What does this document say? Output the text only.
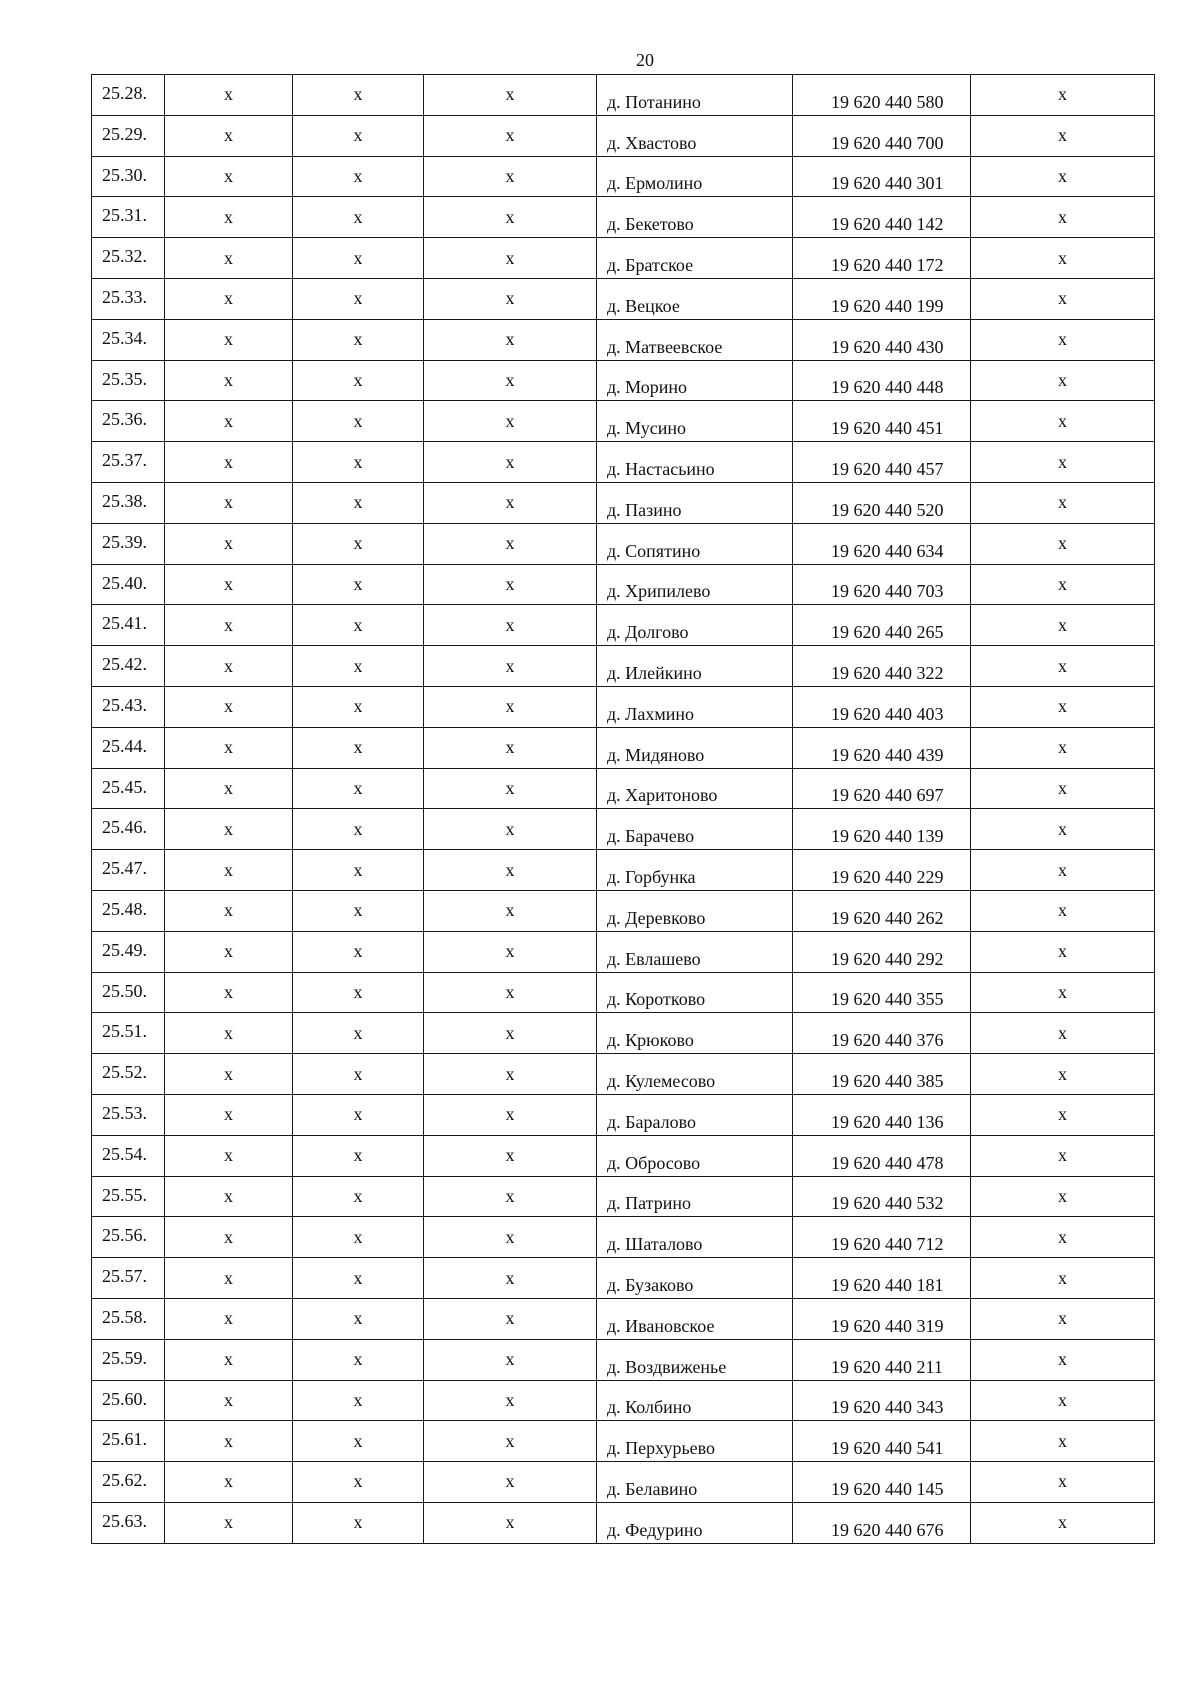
20
25.28.	x	x	x	д. Потанино	19 620 440 580	x
25.29.	x	x	x	д. Хвастово	19 620 440 700	x
25.30.	x	x	x	д. Ермолино	19 620 440 301	x
25.31.	x	x	x	д. Бекетово	19 620 440 142	x
25.32.	x	x	x	д. Братское	19 620 440 172	x
25.33.	x	x	x	д. Вецкое	19 620 440 199	x
25.34.	x	x	x	д. Матвеевское	19 620 440 430	x
25.35.	x	x	x	д. Морино	19 620 440 448	x
25.36.	x	x	x	д. Мусино	19 620 440 451	x
25.37.	x	x	x	д. Настасьино	19 620 440 457	x
25.38.	x	x	x	д. Пазино	19 620 440 520	x
25.39.	x	x	x	д. Сопятино	19 620 440 634	x
25.40.	x	x	x	д. Хрипилево	19 620 440 703	x
25.41.	x	x	x	д. Долгово	19 620 440 265	x
25.42.	x	x	x	д. Илейкино	19 620 440 322	x
25.43.	x	x	x	д. Лахмино	19 620 440 403	x
25.44.	x	x	x	д. Мидяново	19 620 440 439	x
25.45.	x	x	x	д. Харитоново	19 620 440 697	x
25.46.	x	x	x	д. Барачево	19 620 440 139	x
25.47.	x	x	x	д. Горбунка	19 620 440 229	x
25.48.	x	x	x	д. Деревково	19 620 440 262	x
25.49.	x	x	x	д. Евлашево	19 620 440 292	x
25.50.	x	x	x	д. Коротково	19 620 440 355	x
25.51.	x	x	x	д. Крюково	19 620 440 376	x
25.52.	x	x	x	д. Кулемесово	19 620 440 385	x
25.53.	x	x	x	д. Баралово	19 620 440 136	x
25.54.	x	x	x	д. Обросово	19 620 440 478	x
25.55.	x	x	x	д. Патрино	19 620 440 532	x
25.56.	x	x	x	д. Шаталово	19 620 440 712	x
25.57.	x	x	x	д. Бузаково	19 620 440 181	x
25.58.	x	x	x	д. Ивановское	19 620 440 319	x
25.59.	x	x	x	д. Воздвиженье	19 620 440 211	x
25.60.	x	x	x	д. Колбино	19 620 440 343	x
25.61.	x	x	x	д. Перхурьево	19 620 440 541	x
25.62.	x	x	x	д. Белавино	19 620 440 145	x
25.63.	x	x	x	д. Федурино	19 620 440 676	x
